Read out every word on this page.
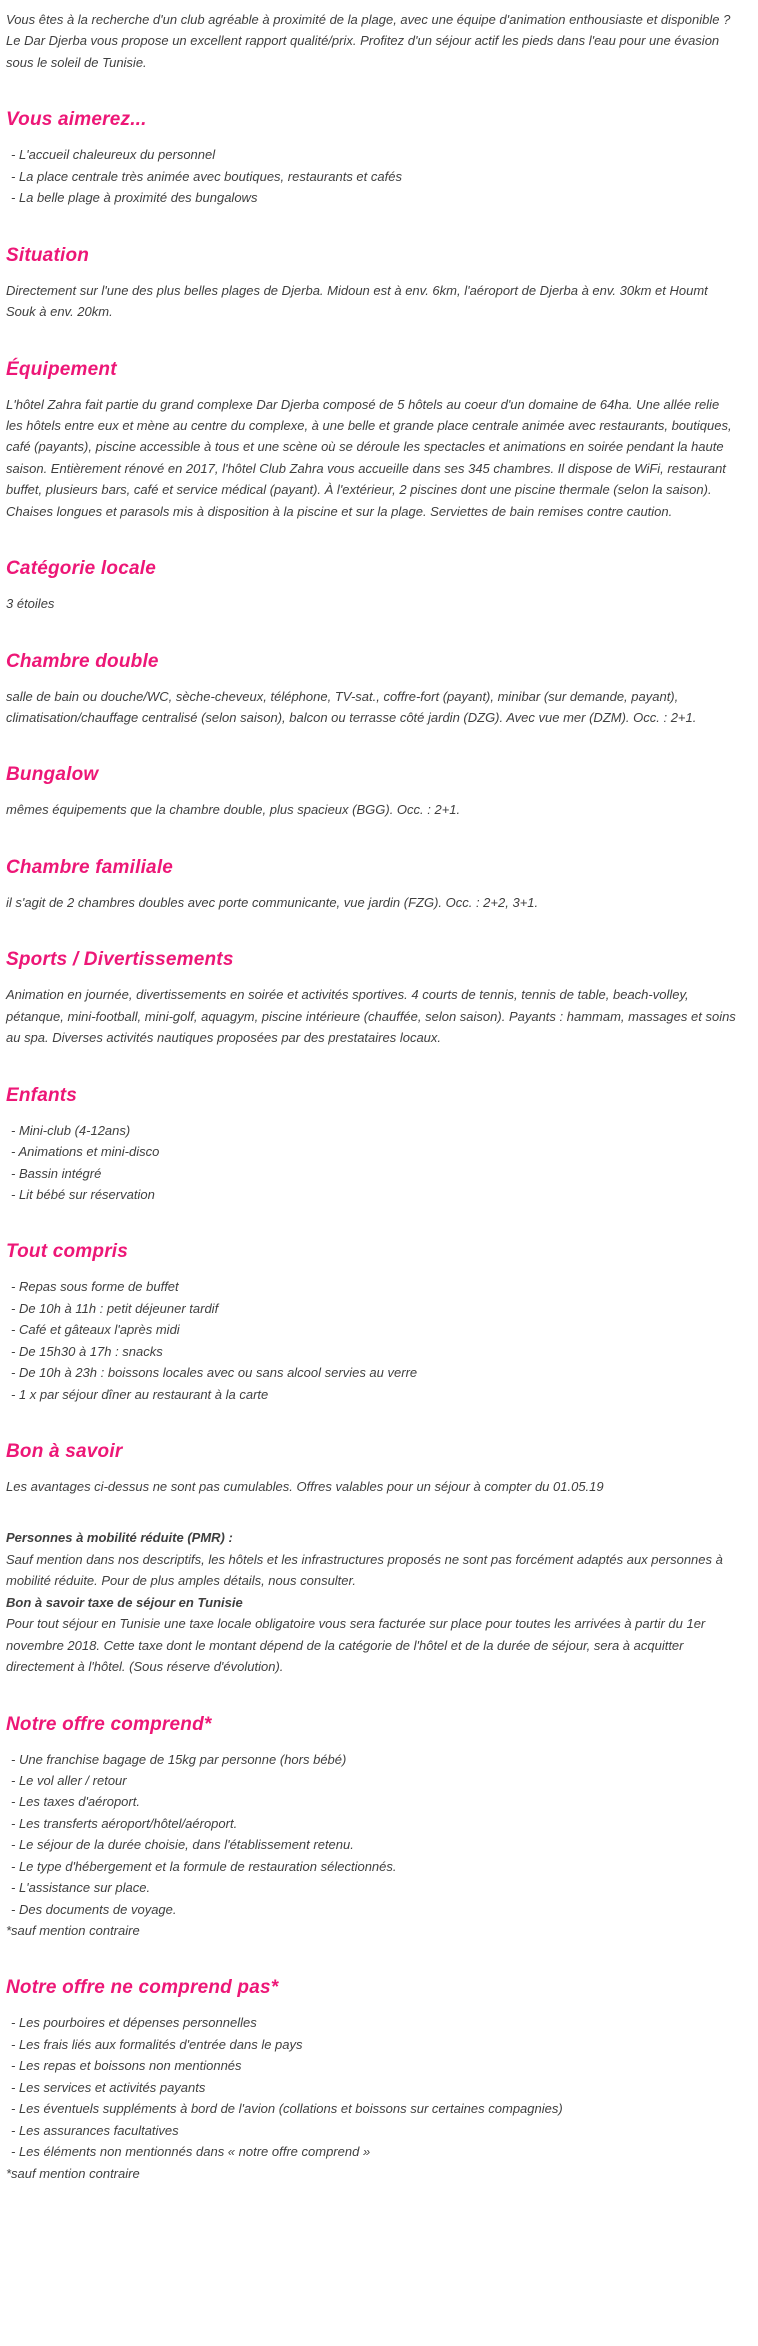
Vous êtes à la recherche d'un club agréable à proximité de la plage, avec une équipe d'animation enthousiaste et disponible ? Le Dar Djerba vous propose un excellent rapport qualité/prix. Profitez d'un séjour actif les pieds dans l'eau pour une évasion sous le soleil de Tunisie.

Vous aimerez...
- L'accueil chaleureux du personnel
- La place centrale très animée avec boutiques, restaurants et cafés
- La belle plage à proximité des bungalows
Situation

Directement sur l'une des plus belles plages de Djerba. Midoun est à env. 6km, l'aéroport de Djerba à env. 30km et Houmt Souk à env. 20km.

Équipement

L'hôtel Zahra fait partie du grand complexe Dar Djerba composé de 5 hôtels au coeur d'un domaine de 64ha. Une allée relie les hôtels entre eux et mène au centre du complexe, à une belle et grande place centrale animée avec restaurants, boutiques, café (payants), piscine accessible à tous et une scène où se déroule les spectacles et animations en soirée pendant la haute saison. Entièrement rénové en 2017, l'hôtel Club Zahra vous accueille dans ses 345 chambres. Il dispose de WiFi, restaurant buffet, plusieurs bars, café et service médical (payant). À l'extérieur, 2 piscines dont une piscine thermale (selon la saison). Chaises longues et parasols mis à disposition à la piscine et sur la plage. Serviettes de bain remises contre caution.

Catégorie locale

3 étoiles

Chambre double

salle de bain ou douche/WC, sèche-cheveux, téléphone, TV-sat., coffre-fort (payant), minibar (sur demande, payant), climatisation/chauffage centralisé (selon saison), balcon ou terrasse côté jardin (DZG). Avec vue mer (DZM). Occ. : 2+1.

Bungalow

mêmes équipements que la chambre double, plus spacieux (BGG). Occ. : 2+1.

Chambre familiale

il s'agit de 2 chambres doubles avec porte communicante, vue jardin (FZG). Occ. : 2+2, 3+1.

Sports / Divertissements

Animation en journée, divertissements en soirée et activités sportives. 4 courts de tennis, tennis de table, beach-volley, pétanque, mini-football, mini-golf, aquagym, piscine intérieure (chauffée, selon saison). Payants : hammam, massages et soins au spa. Diverses activités nautiques proposées par des prestataires locaux.

Enfants
- Mini-club (4-12ans)
- Animations et mini-disco
- Bassin intégré
- Lit bébé sur réservation
Tout compris
- Repas sous forme de buffet
- De 10h à 11h : petit déjeuner tardif
- Café et gâteaux l'après midi
- De 15h30 à 17h : snacks
- De 10h à 23h : boissons locales avec ou sans alcool servies au verre
- 1 x par séjour dîner au restaurant à la carte
Bon à savoir

Les avantages ci-dessus ne sont pas cumulables. Offres valables pour un séjour à compter du 01.05.19

Personnes à mobilité réduite (PMR) :

Sauf mention dans nos descriptifs, les hôtels et les infrastructures proposés ne sont pas forcément adaptés aux personnes à mobilité réduite. Pour de plus amples détails, nous consulter.

Bon à savoir taxe de séjour en Tunisie

Pour tout séjour en Tunisie une taxe locale obligatoire vous sera facturée sur place pour toutes les arrivées à partir du 1er novembre 2018. Cette taxe dont le montant dépend de la catégorie de l'hôtel et de la durée de séjour, sera à acquitter directement à l'hôtel. (Sous réserve d'évolution).

Notre offre comprend*
- Une franchise bagage de 15kg par personne (hors bébé)
- Le vol aller / retour
- Les taxes d'aéroport.
- Les transferts aéroport/hôtel/aéroport.
- Le séjour de la durée choisie, dans l'établissement retenu.
- Le type d'hébergement et la formule de restauration sélectionnés.
- L'assistance sur place.
- Des documents de voyage.

*sauf mention contraire

Notre offre ne comprend pas*
- Les pourboires et dépenses personnelles
- Les frais liés aux formalités d'entrée dans le pays
- Les repas et boissons non mentionnés
- Les services et activités payants
- Les éventuels suppléments à bord de l'avion (collations et boissons sur certaines compagnies)
- Les assurances facultatives
- Les éléments non mentionnés dans « notre offre comprend »

*sauf mention contraire
